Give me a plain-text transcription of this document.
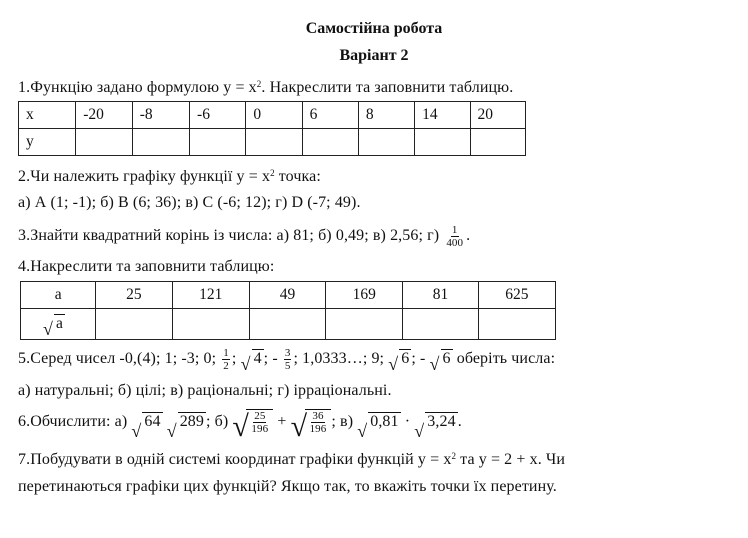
Самостійна робота
Варіант 2
1.Функцію задано формулою $у = х^2$. Накреслити та заповнити таблицю.
х	-20	-8	-6	0	6	8	14	20
у								
2.Чи належить графіку функції $у = х^2$ точка:
а) А (1; -1); б) В (6; 36); в) С (-6; 12); г) D (-7; 49).
3.Знайти квадратний корінь із числа: а) 81; б) 0,49; в) 2,56; $г) \frac{1}{400}$ .
4.Накреслити та заповнити таблицю:
a	25	121	49	169	81	625

√ a						
5.Серед чисел -0,(4); 1; -3; 0; $\frac{1}{2}$ ; √ 4 ; - $\frac{3}{5}$ ; 1,0333…; 9; √ 6 ; - √ 6 оберіть числа:
а) натуральні; б) цілі; в) раціональні; г) ірраціональні.
6.Обчислити: а) √ 64 √ 289 ; б) √ $\frac{25}{196}$ + √ $\frac{36}{196}$ ; в) √ 0,81 · √ 3,24 .
7.Побудувати в одній системі координат графіки функцій $у = х^2$ та у = 2 + х. Чи
перетинаються графіки цих функцій? Якщо так, то вкажіть точки їх перетину.
